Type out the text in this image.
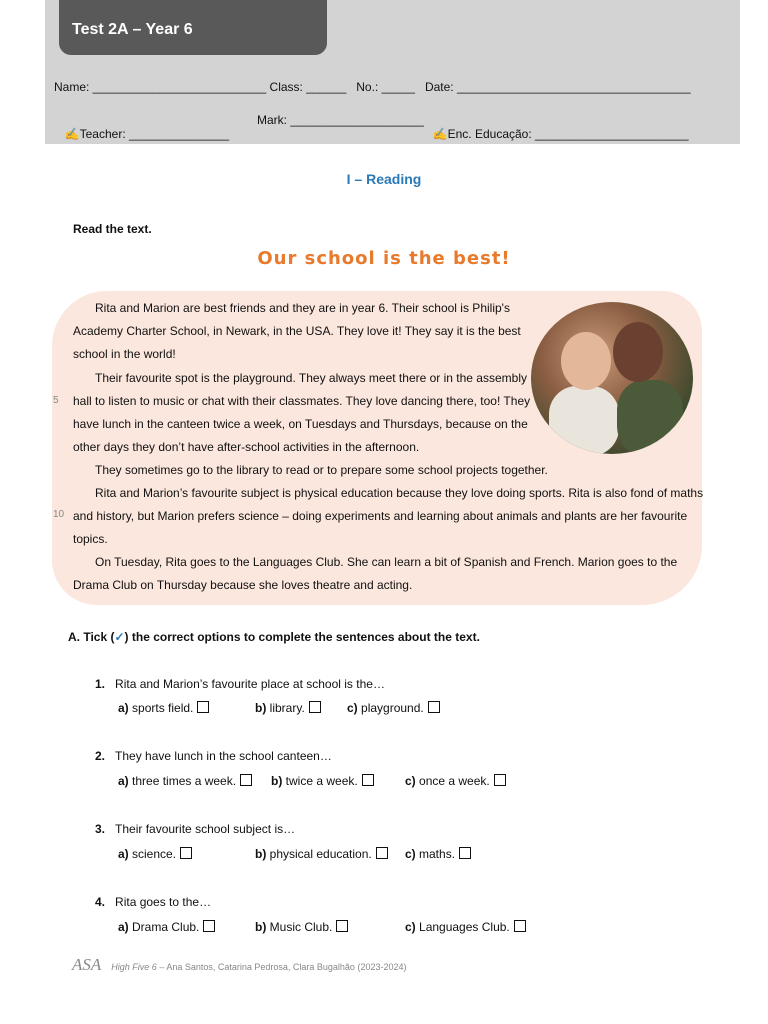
Test 2A – Year 6
Name: __________________________ Class: ______   No.: _____   Date: ___________________________________

✍Teacher: _______________

Mark: ____________________

✍Enc. Educação: _______________________

I – Reading
Read the text.
Our school is the best!
Rita and Marion are best friends and they are in year 6. Their school is Philip's
Academy Charter School, in Newark, in the USA. They love it! They say it is the best
school in the world!
Their favourite spot is the playground. They always meet there or in the assembly
hall to listen to music or chat with their classmates. They love dancing there, too! They
have lunch in the canteen twice a week, on Tuesdays and Thursdays, because on the
other days they don’t have after-school activities in the afternoon.
They sometimes go to the library to read or to prepare some school projects together.
Rita and Marion’s favourite subject is physical education because they love doing sports. Rita is also fond of maths
and history, but Marion prefers science – doing experiments and learning about animals and plants are her favourite
topics.
On Tuesday, Rita goes to the Languages Club. She can learn a bit of Spanish and French. Marion goes to the
Drama Club on Thursday because she loves theatre and acting.
5
10
A. Tick (✓) the correct options to complete the sentences about the text.
1. Rita and Marion’s favourite place at school is the…
a) sports field.	b) library.	c) playground.
2. They have lunch in the school canteen…
a) three times a week.	b) twice a week.	c) once a week.
3. Their favourite school subject is…
a) science.	b) physical education.	c) maths.
4. Rita goes to the…
a) Drama Club.	b) Music Club.	c) Languages Club.
ASA High Five 6 – Ana Santos, Catarina Pedrosa, Clara Bugalhão (2023-2024)
